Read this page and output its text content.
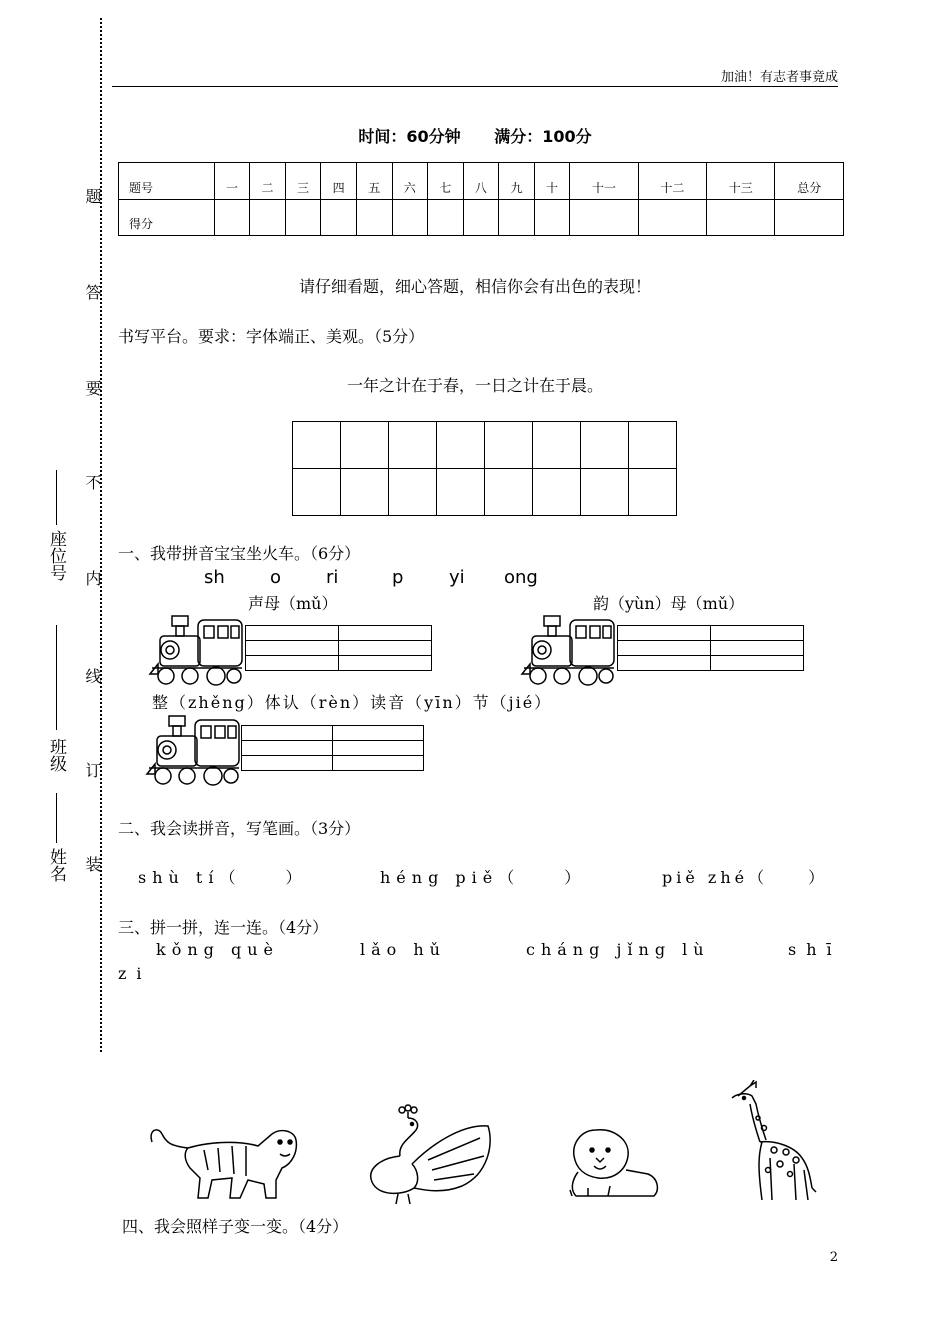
加油！有志者事竟成
题
答
要
不
内
线
订
装
座位号
班级
姓名
时间：60分钟 满分：100分
题号	一	二	三	四	五	六	七	八	九	十	十一	十二	十三	总分
得分														
请仔细看题，细心答题，相信你会有出色的表现！
书写平台。要求：字体端正、美观。（5分）
一年之计在于春，一日之计在于晨。

一、我带拼音宝宝坐火车。（6分）
sh	o ri	p	yi ong
声母（mǔ）	韵（yùn）母（mǔ）

整（zhěng）体认（rèn）读音（yīn）节（jié）

二、我会读拼音，写笔画。（3分）
shù tí（　　）	héng piě（　　）	piě zhé（　　）
三、拼一拼，连一连。（4分）
kǒng què	lǎo hǔ	cháng jǐng lù	shī
zi
四、我会照样子变一变。（4分）
2
